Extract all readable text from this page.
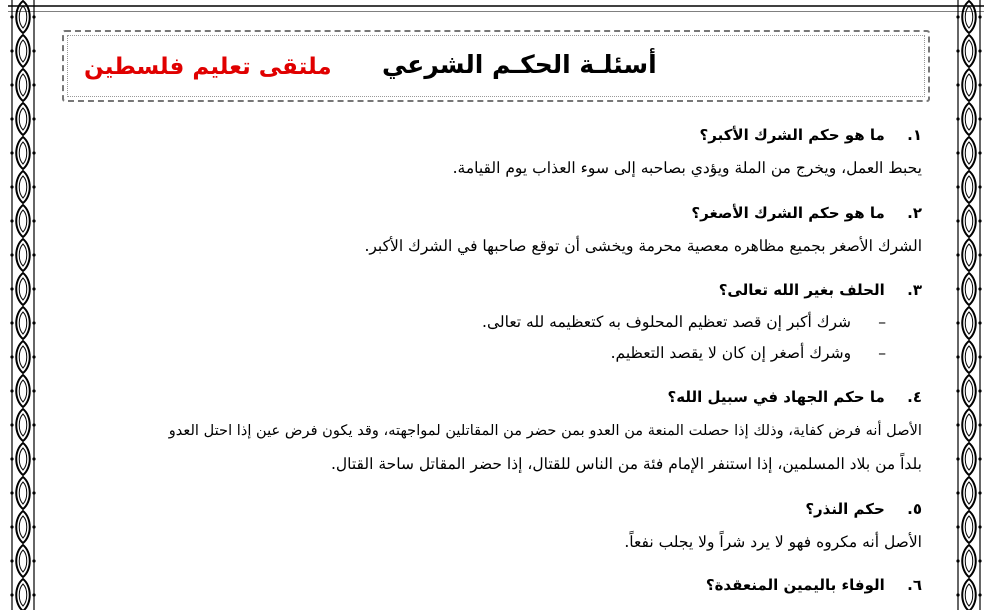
ملتقى تعليم فلسطين أسئلـة الحكـم الشرعي
١. ما هو حكم الشرك الأكبر؟
يحبط العمل، ويخرج من الملة ويؤدي بصاحبه إلى سوء العذاب يوم القيامة.
٢. ما هو حكم الشرك الأصغر؟
الشرك الأصغر بجميع مظاهره معصية محرمة ويخشى أن توقع صاحبها في الشرك الأكبر.
٣. الحلف بغير الله تعالى؟
– شرك أكبر إن قصد تعظيم المحلوف به كتعظيمه لله تعالى.
– وشرك أصغر إن كان لا يقصد التعظيم.
٤. ما حكم الجهاد في سبيل الله؟
الأصل أنه فرض كفاية، وذلك إذا حصلت المنعة من العدو بمن حضر من المقاتلين لمواجهته، وقد يكون فرض عين إذا احتل العدو
بلداً من بلاد المسلمين، إذا استنفر الإمام فئة من الناس للقتال، إذا حضر المقاتل ساحة القتال.
٥. حكم النذر؟
الأصل أنه مكروه فهو لا يرد شراً ولا يجلب نفعاً.
٦. الوفاء باليمين المنعقدة؟
